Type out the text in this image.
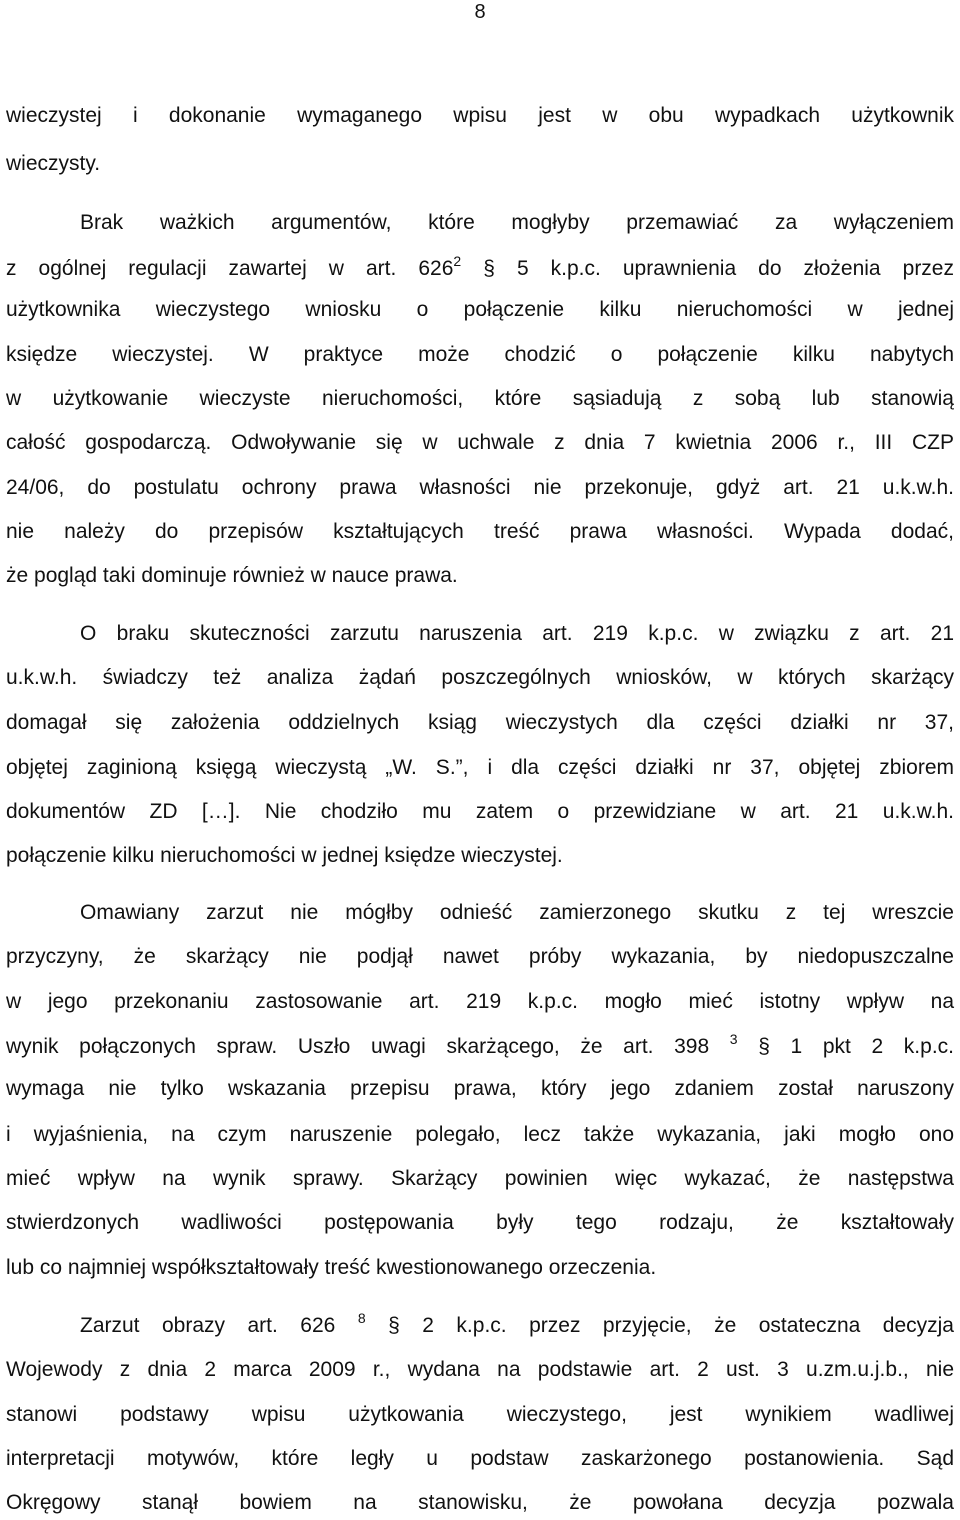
8
wieczystej i dokonanie wymaganego wpisu jest w obu wypadkach użytkownik
wieczysty.
Brak ważkich argumentów, które mogłyby przemawiać za wyłączeniem
z ogólnej regulacji zawartej w art. $626^2$ § 5 k.p.c. uprawnienia do złożenia przez
użytkownika wieczystego wniosku o połączenie kilku nieruchomości w jednej
księdze wieczystej. W praktyce może chodzić o połączenie kilku nabytych
w użytkowanie wieczyste nieruchomości, które sąsiadują z sobą lub stanowią
całość gospodarczą. Odwoływanie się w uchwale z dnia 7 kwietnia 2006 r., III CZP
24/06, do postulatu ochrony prawa własności nie przekonuje, gdyż art. 21 u.k.w.h.
nie należy do przepisów kształtujących treść prawa własności. Wypada dodać,
że pogląd taki dominuje również w nauce prawa.
O braku skuteczności zarzutu naruszenia art. 219 k.p.c. w związku z art. 21
u.k.w.h. świadczy też analiza żądań poszczególnych wniosków, w których skarżący
domagał się założenia oddzielnych ksiąg wieczystych dla części działki nr 37,
objętej zaginioną księgą wieczystą „W. S.”, i dla części działki nr 37, objętej zbiorem
dokumentów ZD […]. Nie chodziło mu zatem o przewidziane w art. 21 u.k.w.h.
połączenie kilku nieruchomości w jednej księdze wieczystej.
Omawiany zarzut nie mógłby odnieść zamierzonego skutku z tej wreszcie
przyczyny, że skarżący nie podjął nawet próby wykazania, by niedopuszczalne
w jego przekonaniu zastosowanie art. 219 k.p.c. mogło mieć istotny wpływ na
wynik połączonych spraw. Uszło uwagi skarżącego, że art. 398 $^3$ § 1 pkt 2 k.p.c.
wymaga nie tylko wskazania przepisu prawa, który jego zdaniem został naruszony
i wyjaśnienia, na czym naruszenie polegało, lecz także wykazania, jaki mogło ono
mieć wpływ na wynik sprawy. Skarżący powinien więc wykazać, że następstwa
stwierdzonych wadliwości postępowania były tego rodzaju, że kształtowały
lub co najmniej współkształtowały treść kwestionowanego orzeczenia.
Zarzut obrazy art. 626 $^8$ § 2 k.p.c. przez przyjęcie, że ostateczna decyzja
Wojewody z dnia 2 marca 2009 r., wydana na podstawie art. 2 ust. 3 u.zm.u.j.b., nie
stanowi podstawy wpisu użytkowania wieczystego, jest wynikiem wadliwej
interpretacji motywów, które legły u podstaw zaskarżonego postanowienia. Sąd
Okręgowy stanął bowiem na stanowisku, że powołana decyzja pozwala
